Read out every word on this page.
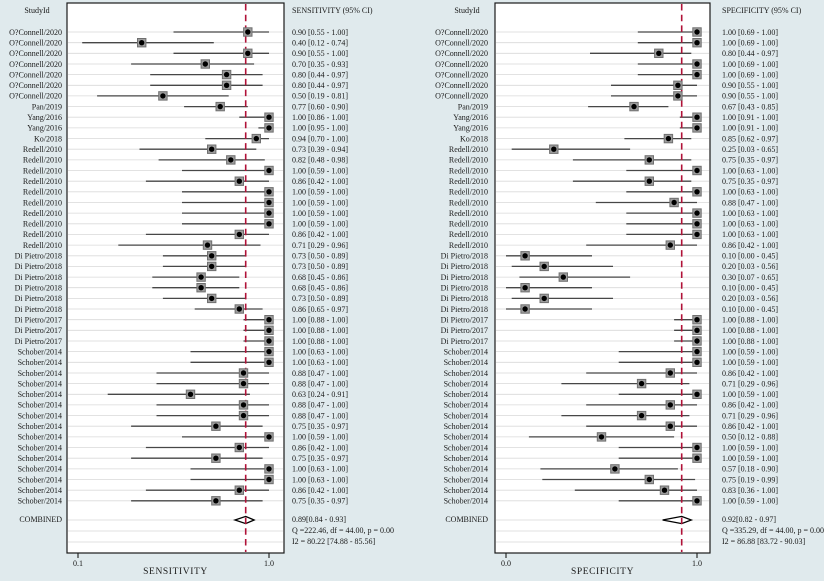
O?Connell/2020	0.90 [0.55 - 1.00]
O?Connell/2020	0.40 [0.12 - 0.74]
O?Connell/2020	0.90 [0.55 - 1.00]
O?Connell/2020	0.70 [0.35 - 0.93]
O?Connell/2020	0.80 [0.44 - 0.97]
O?Connell/2020	0.80 [0.44 - 0.97]
O?Connell/2020	0.50 [0.19 - 0.81]
Pan/2019	0.77 [0.60 - 0.90]
Yang/2016	1.00 [0.86 - 1.00]
Yang/2016	1.00 [0.95 - 1.00]
Ko/2018	0.94 [0.70 - 1.00]
Redell/2010	0.73 [0.39 - 0.94]
Redell/2010	0.82 [0.48 - 0.98]
Redell/2010	1.00 [0.59 - 1.00]
Redell/2010	0.86 [0.42 - 1.00]
Redell/2010	1.00 [0.59 - 1.00]
Redell/2010	1.00 [0.59 - 1.00]
Redell/2010	1.00 [0.59 - 1.00]
Redell/2010	1.00 [0.59 - 1.00]
Redell/2010	0.86 [0.42 - 1.00]
Redell/2010	0.71 [0.29 - 0.96]
Di Pietro/2018	0.73 [0.50 - 0.89]
Di Pietro/2018	0.73 [0.50 - 0.89]
Di Pietro/2018	0.68 [0.45 - 0.86]
Di Pietro/2018	0.68 [0.45 - 0.86]
Di Pietro/2018	0.73 [0.50 - 0.89]
Di Pietro/2018	0.86 [0.65 - 0.97]
Di Pietro/2017	1.00 [0.88 - 1.00]
Di Pietro/2017	1.00 [0.88 - 1.00]
Di Pietro/2017	1.00 [0.88 - 1.00]
Schober/2014	1.00 [0.63 - 1.00]
Schober/2014	1.00 [0.63 - 1.00]
Schober/2014	0.88 [0.47 - 1.00]
Schober/2014	0.88 [0.47 - 1.00]
Schober/2014	0.63 [0.24 - 0.91]
Schober/2014	0.88 [0.47 - 1.00]
Schober/2014	0.88 [0.47 - 1.00]
Schober/2014	0.75 [0.35 - 0.97]
Schober/2014	1.00 [0.59 - 1.00]
Schober/2014	0.86 [0.42 - 1.00]
Schober/2014	0.75 [0.35 - 0.97]
Schober/2014	1.00 [0.63 - 1.00]
Schober/2014	1.00 [0.63 - 1.00]
Schober/2014	0.86 [0.42 - 1.00]
Schober/2014	0.75 [0.35 - 0.97]
O?Connell/2020	1.00 [0.69 - 1.00]
O?Connell/2020	1.00 [0.69 - 1.00]
O?Connell/2020	0.80 [0.44 - 0.97]
O?Connell/2020	1.00 [0.69 - 1.00]
O?Connell/2020	1.00 [0.69 - 1.00]
O?Connell/2020	0.90 [0.55 - 1.00]
O?Connell/2020	0.90 [0.55 - 1.00]
Pan/2019	0.67 [0.43 - 0.85]
Yang/2016	1.00 [0.91 - 1.00]
Yang/2016	1.00 [0.91 - 1.00]
Ko/2018	0.85 [0.62 - 0.97]
Redell/2010	0.25 [0.03 - 0.65]
Redell/2010	0.75 [0.35 - 0.97]
Redell/2010	1.00 [0.63 - 1.00]
Redell/2010	0.75 [0.35 - 0.97]
Redell/2010	1.00 [0.63 - 1.00]
Redell/2010	0.88 [0.47 - 1.00]
Redell/2010	1.00 [0.63 - 1.00]
Redell/2010	1.00 [0.63 - 1.00]
Redell/2010	1.00 [0.63 - 1.00]
Redell/2010	0.86 [0.42 - 1.00]
Di Pietro/2018	0.10 [0.00 - 0.45]
Di Pietro/2018	0.20 [0.03 - 0.56]
Di Pietro/2018	0.30 [0.07 - 0.65]
Di Pietro/2018	0.10 [0.00 - 0.45]
Di Pietro/2018	0.20 [0.03 - 0.56]
Di Pietro/2018	0.10 [0.00 - 0.45]
Di Pietro/2017	1.00 [0.88 - 1.00]
Di Pietro/2017	1.00 [0.88 - 1.00]
Di Pietro/2017	1.00 [0.88 - 1.00]
Schober/2014	1.00 [0.59 - 1.00]
Schober/2014	1.00 [0.59 - 1.00]
Schober/2014	0.86 [0.42 - 1.00]
Schober/2014	0.71 [0.29 - 0.96]
Schober/2014	1.00 [0.59 - 1.00]
Schober/2014	0.86 [0.42 - 1.00]
Schober/2014	0.71 [0.29 - 0.96]
Schober/2014	0.86 [0.42 - 1.00]
Schober/2014	0.50 [0.12 - 0.88]
Schober/2014	1.00 [0.59 - 1.00]
Schober/2014	1.00 [0.59 - 1.00]
Schober/2014	0.57 [0.18 - 0.90]
Schober/2014	0.75 [0.19 - 0.99]
Schober/2014	0.83 [0.36 - 1.00]
Schober/2014	1.00 [0.59 - 1.00]
StudyId	SENSITIVITY (95% CI)	StudyId	SPECIFICITY (95% CI)
COMBINED	0.89[0.84 - 0.93]
Q =222.46, df = 44.00, p = 0.00
I2 = 80.22 [74.88 - 85.56]
COMBINED	0.92[0.82 - 0.97]
Q =335.29, df = 44.00, p = 0.00
I2 = 86.88 [83.72 - 90.03]
0.1	1.0	0.0	1.0
SENSITIVITY	SPECIFICITY
